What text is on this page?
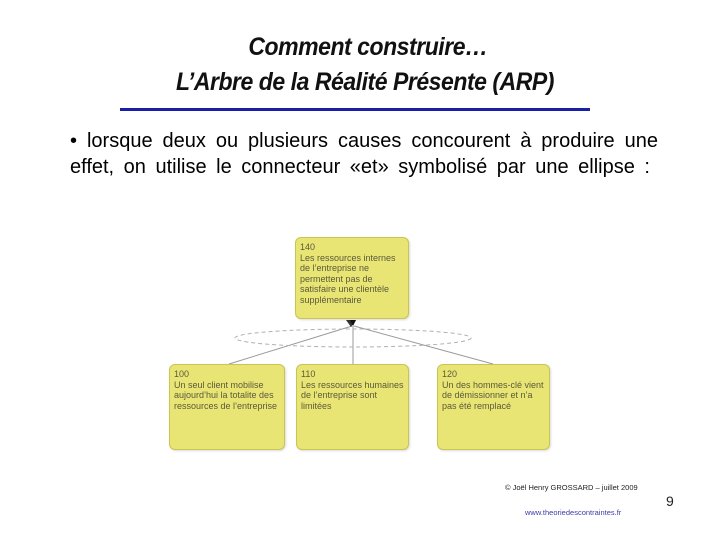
Comment construire…
L’Arbre de la Réalité Présente (ARP)
• lorsque deux ou plusieurs causes concourent à produire une effet, on utilise le connecteur «et» symbolisé par une ellipse :
140
Les ressources internes de l’entreprise ne permettent pas de satisfaire une clientèle supplémentaire
100
Un seul client mobilise aujourd’hui la totalite des ressources de l’entreprise
110
Les ressources humaines de l’entreprise sont limitées
120
Un des hommes-clé vient de démissionner et n’a pas été remplacé
© Joël Henry GROSSARD – juillet 2009
www.theoriedescontraintes.fr
9
